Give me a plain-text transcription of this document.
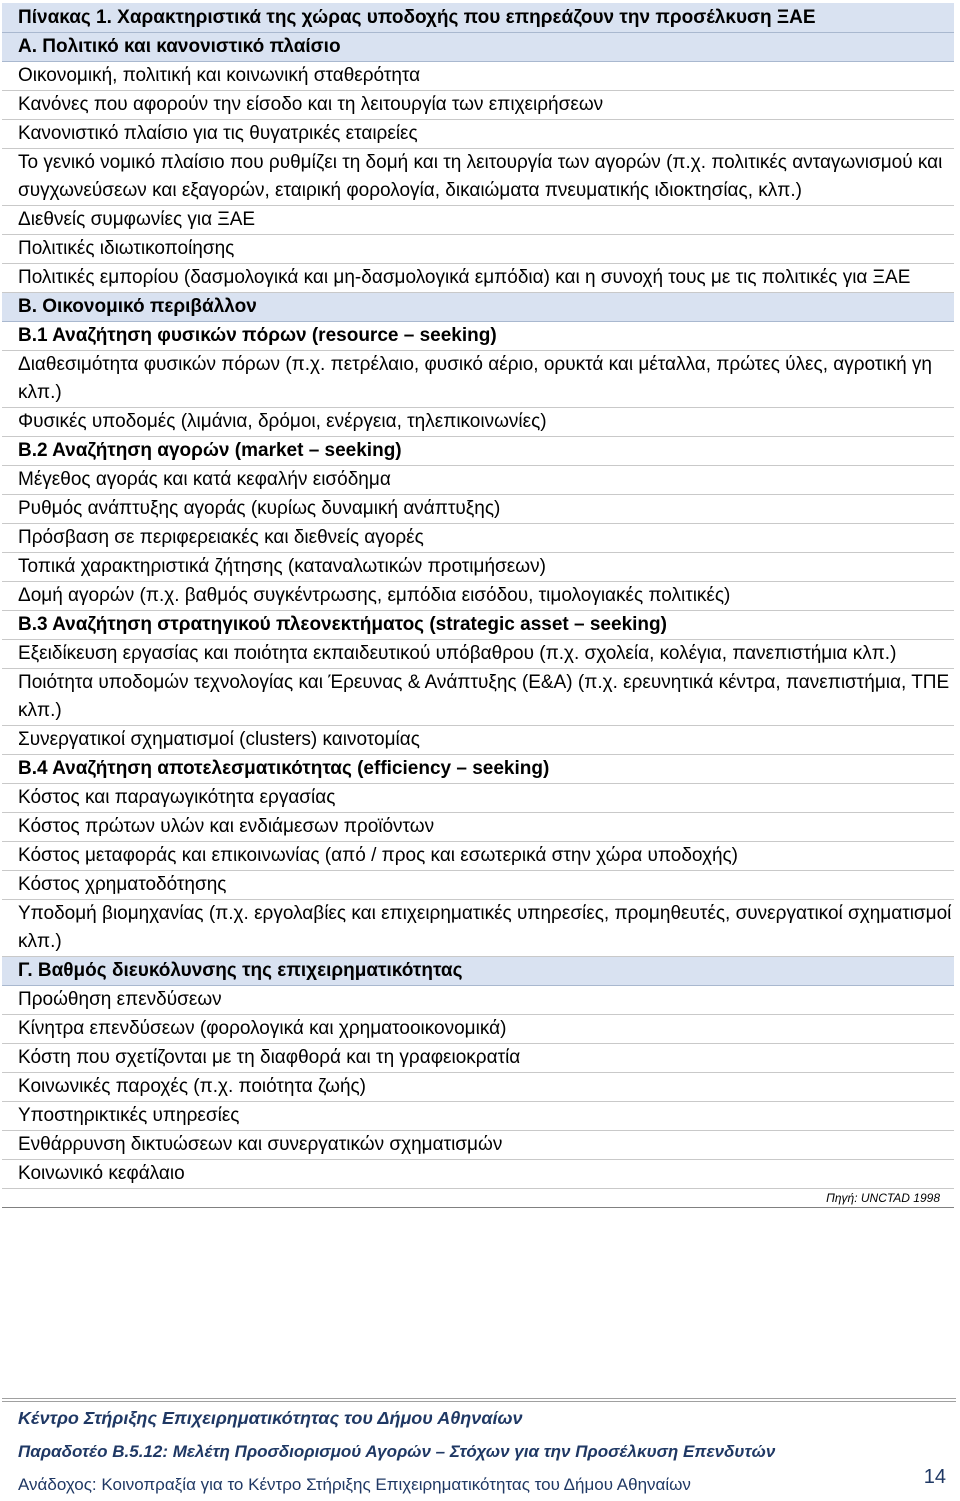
Πίνακας 1. Χαρακτηριστικά της χώρας υποδοχής που επηρεάζουν την προσέλκυση ΞΑΕ
Α. Πολιτικό και κανονιστικό πλαίσιο
Οικονομική, πολιτική και κοινωνική σταθερότητα
Κανόνες που αφορούν την είσοδο και τη λειτουργία των επιχειρήσεων
Κανονιστικό πλαίσιο για τις θυγατρικές εταιρείες
Το γενικό νομικό πλαίσιο που ρυθμίζει τη δομή και τη λειτουργία των αγορών (π.χ. πολιτικές ανταγωνισμού και συγχωνεύσεων και εξαγορών, εταιρική φορολογία, δικαιώματα πνευματικής ιδιοκτησίας, κλπ.)
Διεθνείς συμφωνίες για ΞΑΕ
Πολιτικές ιδιωτικοποίησης
Πολιτικές εμπορίου (δασμολογικά και μη-δασμολογικά εμπόδια) και η συνοχή τους με τις πολιτικές για ΞΑΕ
Β. Οικονομικό περιβάλλον
Β.1 Αναζήτηση φυσικών πόρων (resource – seeking)
Διαθεσιμότητα φυσικών πόρων (π.χ. πετρέλαιο, φυσικό αέριο, ορυκτά και μέταλλα, πρώτες ύλες, αγροτική γη κλπ.)
Φυσικές υποδομές (λιμάνια, δρόμοι, ενέργεια, τηλεπικοινωνίες)
Β.2 Αναζήτηση αγορών (market – seeking)
Μέγεθος αγοράς και κατά κεφαλήν εισόδημα
Ρυθμός ανάπτυξης αγοράς (κυρίως δυναμική ανάπτυξης)
Πρόσβαση σε περιφερειακές και διεθνείς αγορές
Τοπικά χαρακτηριστικά ζήτησης (καταναλωτικών προτιμήσεων)
Δομή αγορών (π.χ. βαθμός συγκέντρωσης, εμπόδια εισόδου, τιμολογιακές πολιτικές)
Β.3 Αναζήτηση στρατηγικού πλεονεκτήματος (strategic asset – seeking)
Εξειδίκευση εργασίας και ποιότητα εκπαιδευτικού υπόβαθρου (π.χ. σχολεία, κολέγια, πανεπιστήμια κλπ.)
Ποιότητα υποδομών τεχνολογίας και Έρευνας & Ανάπτυξης (Ε&Α) (π.χ. ερευνητικά κέντρα, πανεπιστήμια, ΤΠΕ κλπ.)
Συνεργατικοί σχηματισμοί (clusters) καινοτομίας
Β.4 Αναζήτηση αποτελεσματικότητας (efficiency – seeking)
Κόστος και παραγωγικότητα εργασίας
Κόστος πρώτων υλών και ενδιάμεσων προϊόντων
Κόστος μεταφοράς και επικοινωνίας (από / προς και εσωτερικά στην χώρα υποδοχής)
Κόστος χρηματοδότησης
Υποδομή βιομηχανίας (π.χ. εργολαβίες και επιχειρηματικές υπηρεσίες, προμηθευτές, συνεργατικοί σχηματισμοί κλπ.)
Γ. Βαθμός διευκόλυνσης της επιχειρηματικότητας
Προώθηση επενδύσεων
Κίνητρα επενδύσεων (φορολογικά και χρηματοοικονομικά)
Κόστη που σχετίζονται με τη διαφθορά και τη γραφειοκρατία
Κοινωνικές παροχές (π.χ. ποιότητα ζωής)
Υποστηρικτικές υπηρεσίες
Ενθάρρυνση δικτυώσεων και συνεργατικών σχηματισμών
Κοινωνικό κεφάλαιο
Πηγή: UNCTAD 1998
Κέντρο Στήριξης Επιχειρηματικότητας του Δήμου Αθηναίων
Παραδοτέο Β.5.12: Μελέτη Προσδιορισμού Αγορών – Στόχων για την Προσέλκυση Επενδυτών
Ανάδοχος: Κοινοπραξία για το Κέντρο Στήριξης Επιχειρηματικότητας του Δήμου Αθηναίων	14
